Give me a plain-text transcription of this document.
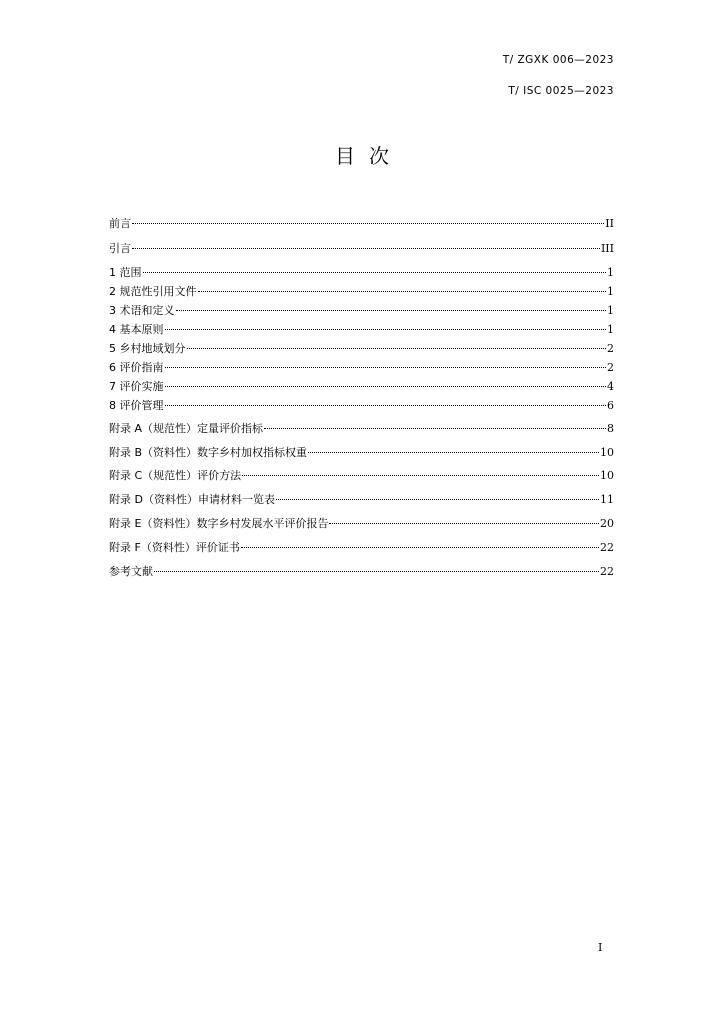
T/ ZGXK 006—2023
T/ ISC 0025—2023
目次
前言	II
引言	III
1 范围	1
2 规范性引用文件	1
3 术语和定义	1
4 基本原则	1
5 乡村地域划分	2
6 评价指南	2
7 评价实施	4
8 评价管理	6
附录 A（规范性）定量评价指标	8
附录 B（资料性）数字乡村加权指标权重	10
附录 C（规范性）评价方法	10
附录 D（资料性）申请材料一览表	11
附录 E（资料性）数字乡村发展水平评价报告	20
附录 F（资料性）评价证书	22
参考文献	22
I
